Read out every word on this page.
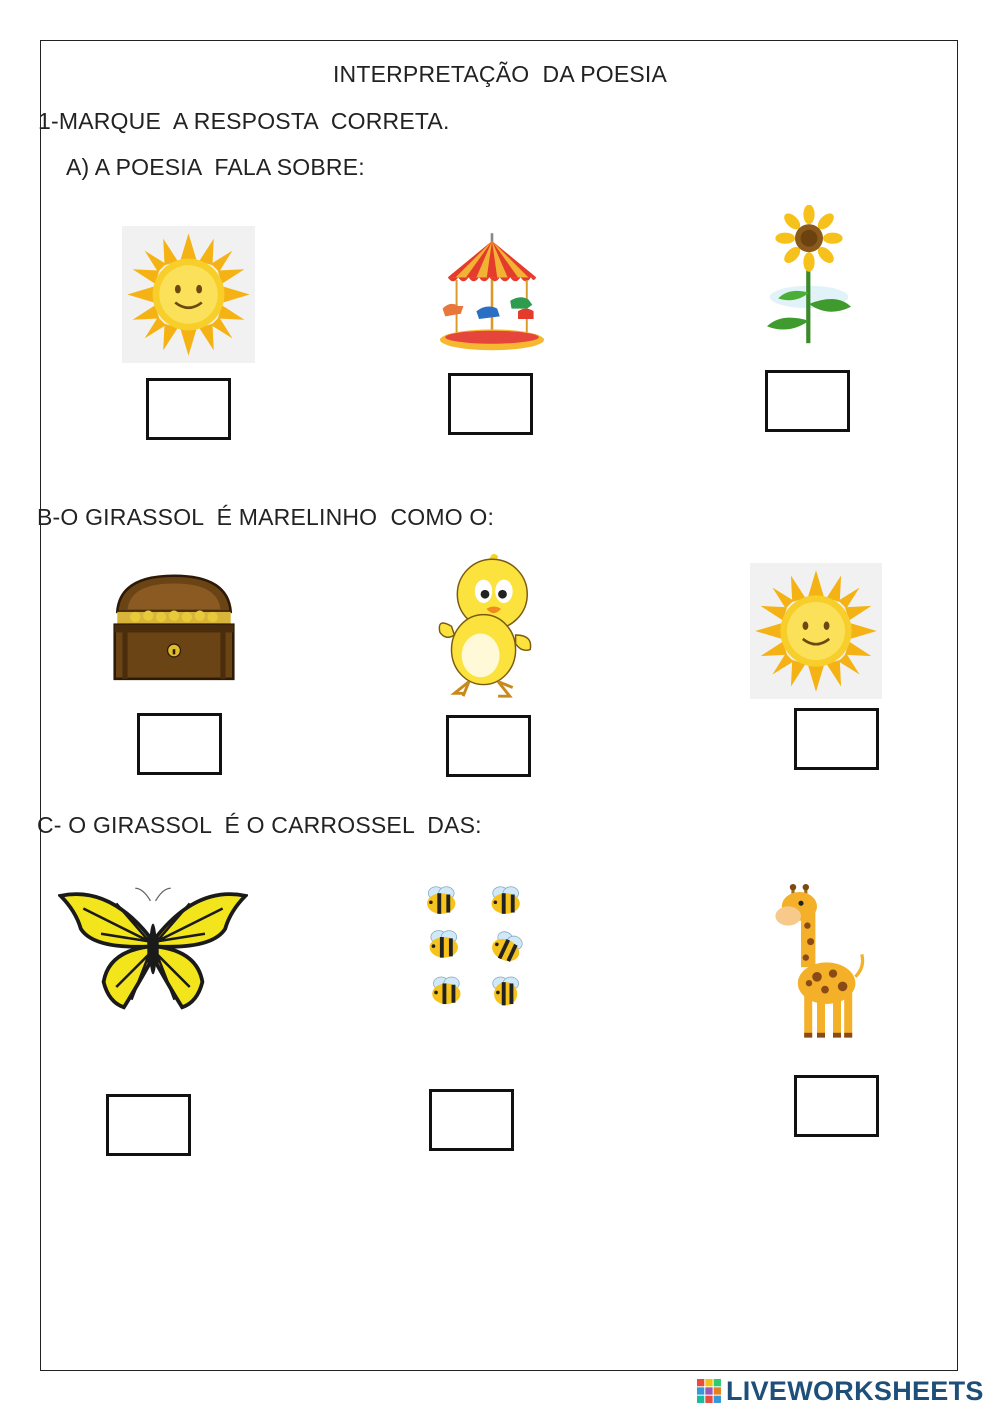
INTERPRETAÇÃO  DA POESIA
1-MARQUE  A RESPOSTA  CORRETA.
A) A POESIA  FALA SOBRE:
B-O GIRASSOL  É MARELINHO  COMO O:
C- O GIRASSOL  É O CARROSSEL  DAS:
LIVEWORKSHEETS
